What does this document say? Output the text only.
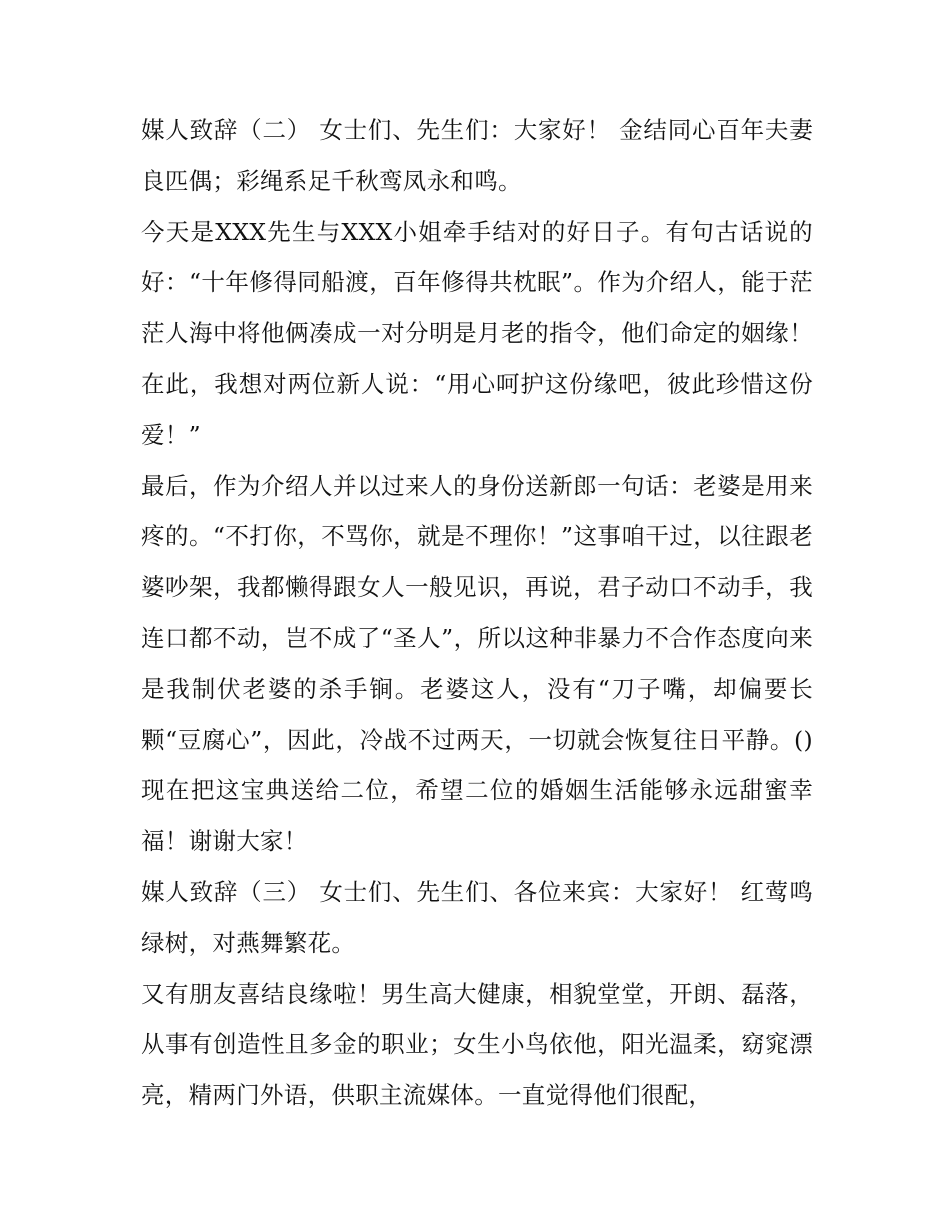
媒人致辞（二） 女士们、先生们：大家好！ 金结同心百年夫妻良匹偶；彩绳系足千秋鸾凤永和鸣。

今天是XXX先生与XXX小姐牵手结对的好日子。有句古话说的好：“十年修得同船渡，百年修得共枕眠”。作为介绍人，能于茫茫人海中将他俩凑成一对分明是月老的指令，他们命定的姻缘！在此，我想对两位新人说：“用心呵护这份缘吧，彼此珍惜这份爱！”

最后，作为介绍人并以过来人的身份送新郎一句话：老婆是用来疼的。“不打你，不骂你，就是不理你！”这事咱干过，以往跟老婆吵架，我都懒得跟女人一般见识，再说，君子动口不动手，我连口都不动，岂不成了“圣人”，所以这种非暴力不合作态度向来是我制伏老婆的杀手锏。老婆这人，没有“刀子嘴，却偏要长颗“豆腐心”，因此，冷战不过两天，一切就会恢复往日平静。()现在把这宝典送给二位，希望二位的婚姻生活能够永远甜蜜幸福！谢谢大家！

媒人致辞（三） 女士们、先生们、各位来宾：大家好！ 红莺鸣绿树，对燕舞繁花。

又有朋友喜结良缘啦！男生高大健康，相貌堂堂，开朗、磊落，从事有创造性且多金的职业；女生小鸟依他，阳光温柔，窈窕漂亮，精两门外语，供职主流媒体。一直觉得他们很配，
